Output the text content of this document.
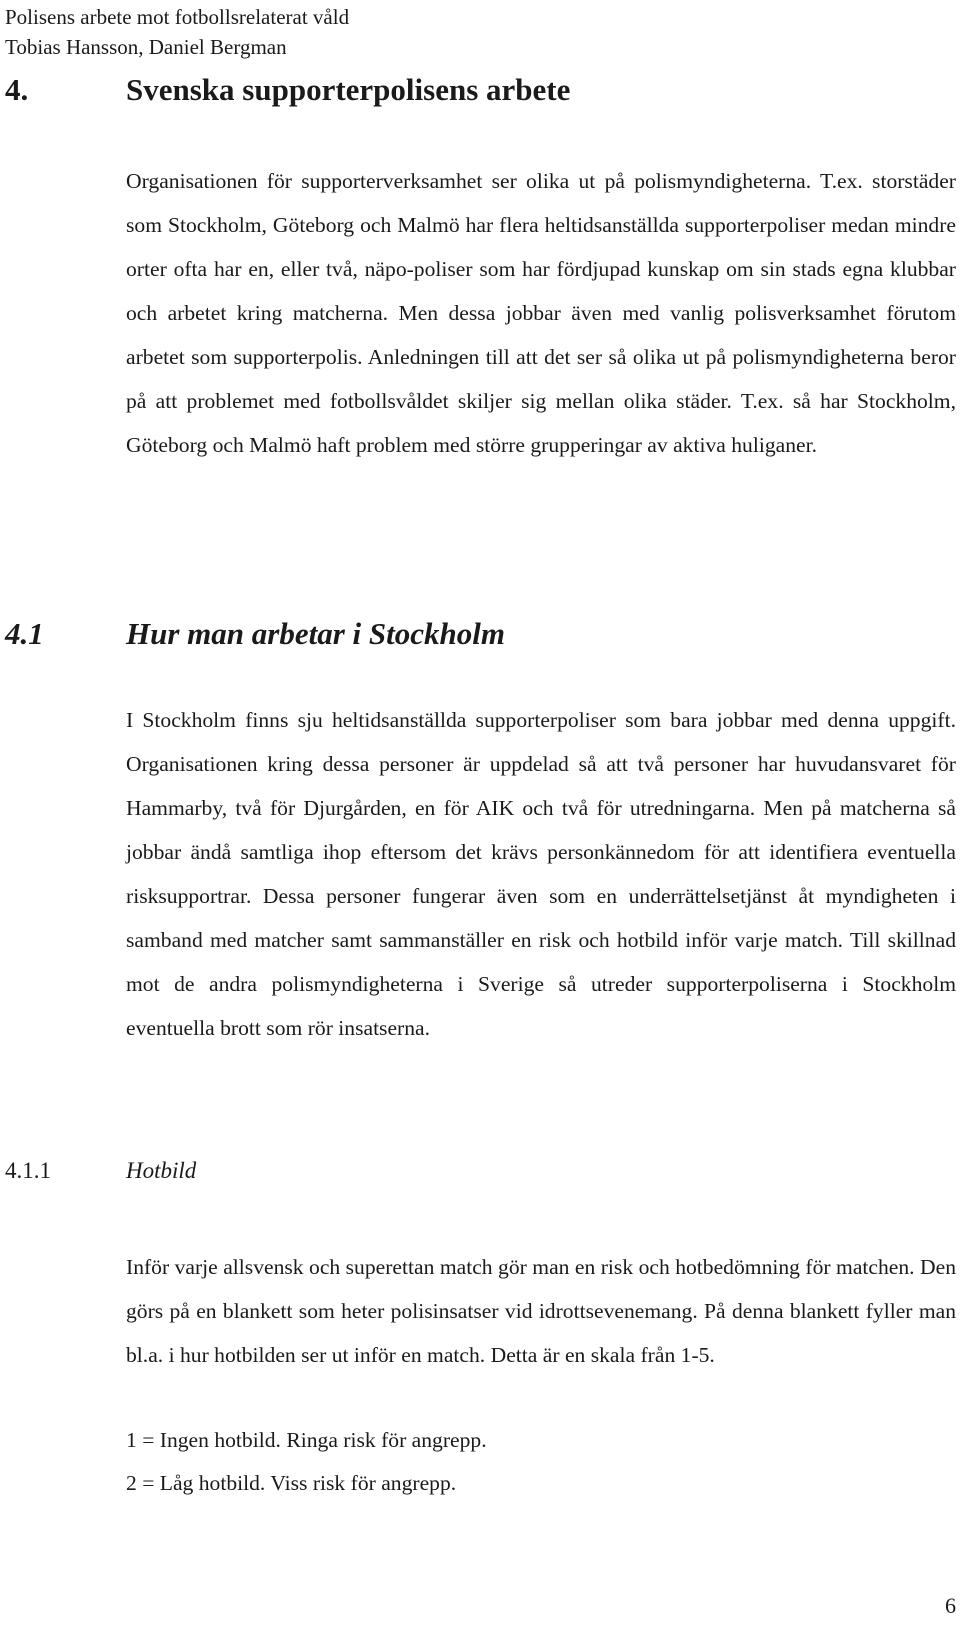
Polisens arbete mot fotbollsrelaterat våld
Tobias Hansson, Daniel Bergman
4.	Svenska supporterpolisens arbete

Organisationen för supporterverksamhet ser olika ut på polismyndigheterna. T.ex. storstäder som Stockholm, Göteborg och Malmö har flera heltidsanställda supporterpoliser medan mindre orter ofta har en, eller två, näpo-poliser som har fördjupad kunskap om sin stads egna klubbar och arbetet kring matcherna. Men dessa jobbar även med vanlig polisverksamhet förutom arbetet som supporterpolis. Anledningen till att det ser så olika ut på polismyndigheterna beror på att problemet med fotbollsvåldet skiljer sig mellan olika städer. T.ex. så har Stockholm, Göteborg och Malmö haft problem med större grupperingar av aktiva huliganer.

4.1	Hur man arbetar i Stockholm

I Stockholm finns sju heltidsanställda supporterpoliser som bara jobbar med denna uppgift. Organisationen kring dessa personer är uppdelad så att två personer har huvudansvaret för Hammarby, två för Djurgården, en för AIK och två för utredningarna. Men på matcherna så jobbar ändå samtliga ihop eftersom det krävs personkännedom för att identifiera eventuella risksupportrar. Dessa personer fungerar även som en underrättelsetjänst åt myndigheten i samband med matcher samt sammanställer en risk och hotbild inför varje match. Till skillnad mot de andra polismyndigheterna i Sverige så utreder supporterpoliserna i Stockholm eventuella brott som rör insatserna.

4.1.1	Hotbild

Inför varje allsvensk och superettan match gör man en risk och hotbedömning för matchen. Den görs på en blankett som heter polisinsatser vid idrottsevenemang. På denna blankett fyller man bl.a. i hur hotbilden ser ut inför en match. Detta är en skala från 1-5.

1 = Ingen hotbild. Ringa risk för angrepp.
2 = Låg hotbild. Viss risk för angrepp.
6
